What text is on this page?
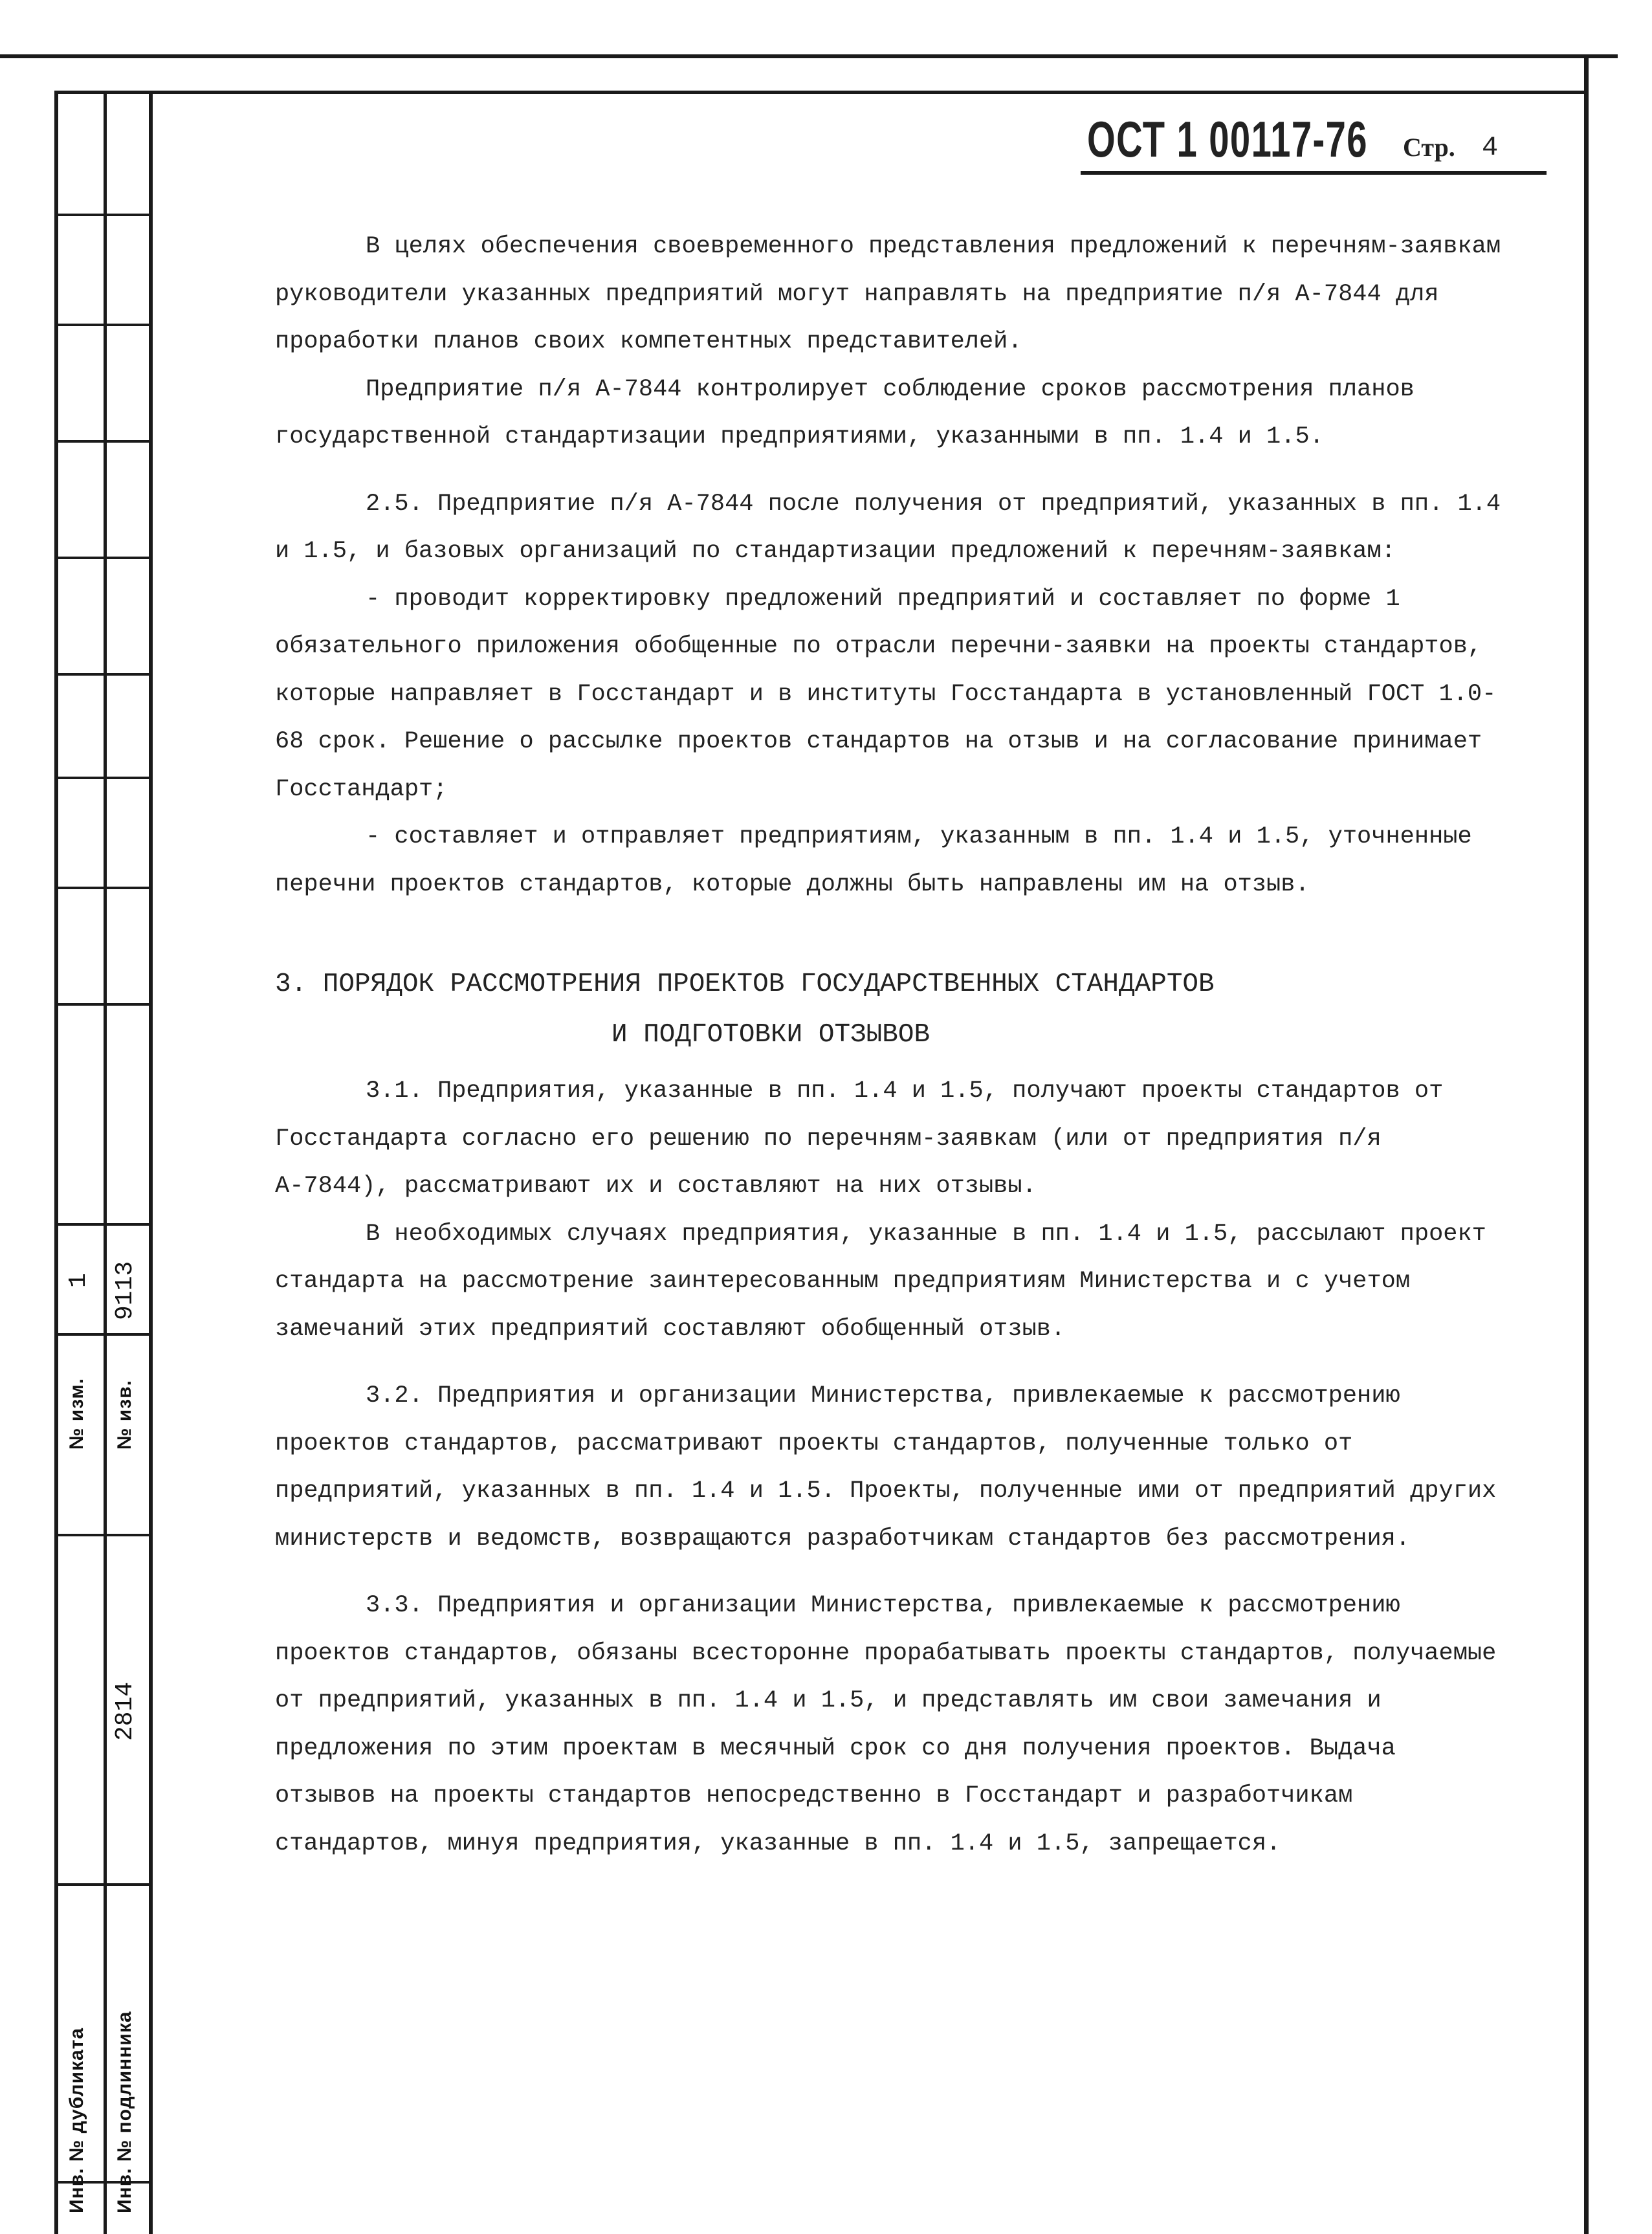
№ изм.
1
№ изв.
9113
2814
Инв. № дубликата Инв. № подлинника
ОСТ 1 00117-76 Стр. 4

В целях обеспечения своевременного представления предложений к перечням-заявкам руководители указанных предприятий могут направлять на предприятие п/я А-7844 для проработки планов своих компетентных представителей.

Предприятие п/я А-7844 контролирует соблюдение сроков рассмотрения планов государственной стандартизации предприятиями, указанными в пп. 1.4 и 1.5.

2.5. Предприятие п/я А-7844 после получения от предприятий, указанных в пп. 1.4 и 1.5, и базовых организаций по стандартизации предложений к перечням-заявкам:

- проводит корректировку предложений предприятий и составляет по форме 1 обязательного приложения обобщенные по отрасли перечни-заявки на проекты стандартов, которые направляет в Госстандарт и в институты Госстандарта в установленный ГОСТ 1.0-68 срок. Решение о рассылке проектов стандартов на отзыв и на согласование принимает Госстандарт;

- составляет и отправляет предприятиям, указанным в пп. 1.4 и 1.5, уточненные перечни проектов стандартов, которые должны быть направлены им на отзыв.

3. ПОРЯДОК РАССМОТРЕНИЯ ПРОЕКТОВ ГОСУДАРСТВЕННЫХ СТАНДАРТОВ

И ПОДГОТОВКИ ОТЗЫВОВ

3.1. Предприятия, указанные в пп. 1.4 и 1.5, получают проекты стандартов от Госстандарта согласно его решению по перечням-заявкам (или от предприятия п/я А-7844), рассматривают их и составляют на них отзывы.

В необходимых случаях предприятия, указанные в пп. 1.4 и 1.5, рассылают проект стандарта на рассмотрение заинтересованным предприятиям Министерства и с учетом замечаний этих предприятий составляют обобщенный отзыв.

3.2. Предприятия и организации Министерства, привлекаемые к рассмотрению проектов стандартов, рассматривают проекты стандартов, полученные только от предприятий, указанных в пп. 1.4 и 1.5. Проекты, полученные ими от предприятий других министерств и ведомств, возвращаются разработчикам стандартов без рассмотрения.

3.3. Предприятия и организации Министерства, привлекаемые к рассмотрению проектов стандартов, обязаны всесторонне прорабатывать проекты стандартов, получаемые от предприятий, указанных в пп. 1.4 и 1.5, и представлять им свои замечания и предложения по этим проектам в месячный срок со дня получения проектов. Выдача отзывов на проекты стандартов непосредственно в Госстандарт и разработчикам стандартов, минуя предприятия, указанные в пп. 1.4 и 1.5, запрещается.
